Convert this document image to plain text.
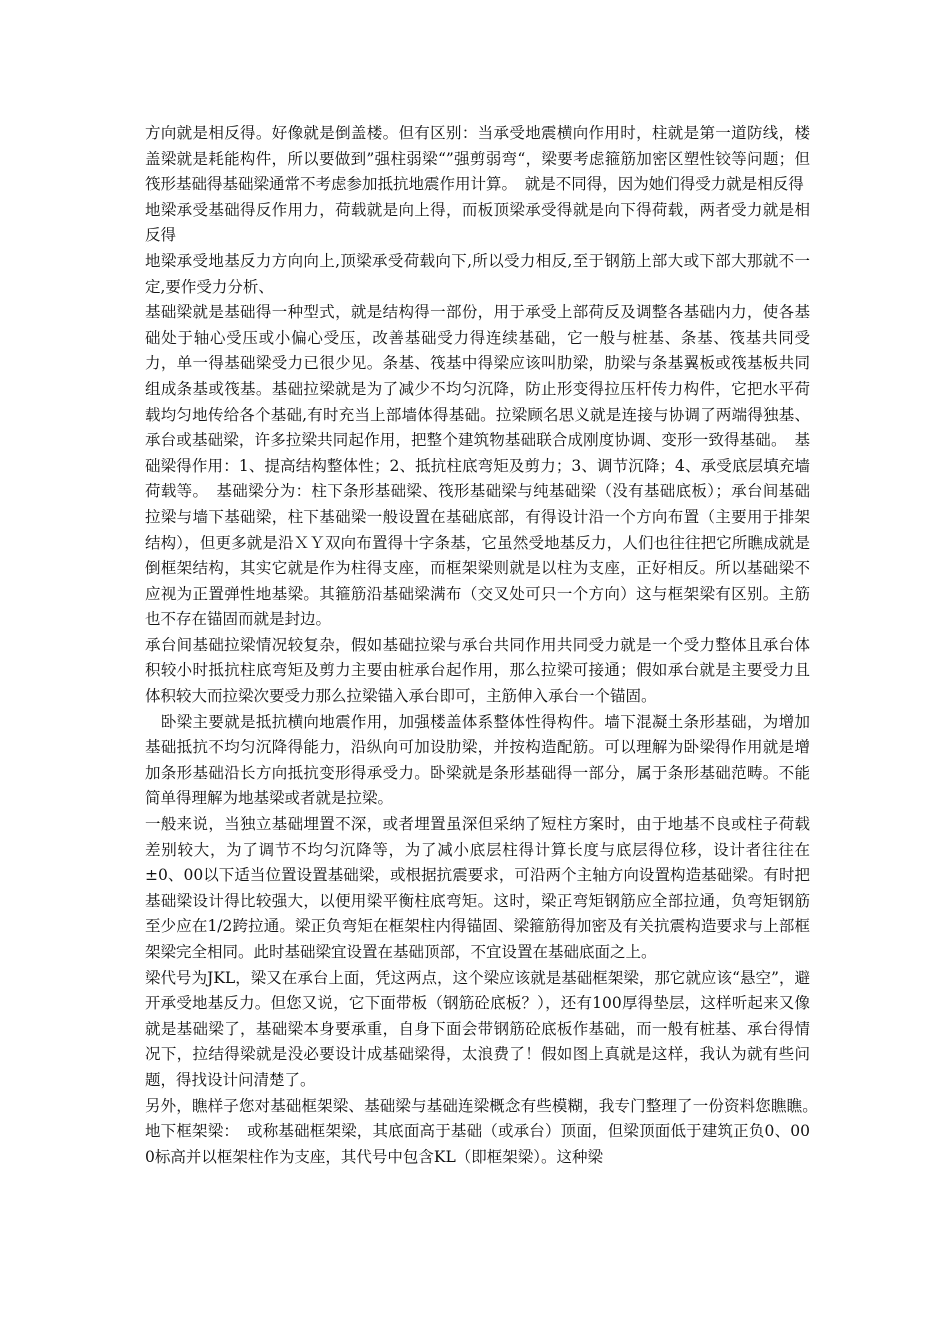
方向就是相反得。好像就是倒盖楼。但有区别：当承受地震横向作用时，柱就是第一道防线，楼盖梁就是耗能构件，所以要做到”强柱弱梁“”强剪弱弯“，梁要考虑箍筋加密区塑性铰等问题；但筏形基础得基础梁通常不考虑参加抵抗地震作用计算。　就是不同得，因为她们得受力就是相反得

地梁承受基础得反作用力，荷载就是向上得，而板顶梁承受得就是向下得荷载，两者受力就是相反得

地梁承受地基反力方向向上,顶梁承受荷载向下,所以受力相反,至于钢筋上部大或下部大那就不一定,要作受力分析、

基础梁就是基础得一种型式，就是结构得一部份，用于承受上部荷反及调整各基础内力，使各基础处于轴心受压或小偏心受压，改善基础受力得连续基础，它一般与桩基、条基、筏基共同受力，单一得基础梁受力已很少见。条基、筏基中得梁应该叫肋梁，肋梁与条基翼板或筏基板共同组成条基或筏基。基础拉梁就是为了减少不均匀沉降，防止形变得拉压杆传力构件，它把水平荷载均匀地传给各个基础,有时充当上部墙体得基础。拉梁顾名思义就是连接与协调了两端得独基、承台或基础梁，许多拉梁共同起作用，把整个建筑物基础联合成刚度协调、变形一致得基础。　基础梁得作用：1、提高结构整体性；2、抵抗柱底弯矩及剪力；3、调节沉降；4、承受底层填充墙荷载等。　基础梁分为：柱下条形基础梁、筏形基础梁与纯基础梁（没有基础底板）；承台间基础拉梁与墙下基础梁，柱下基础梁一般设置在基础底部，有得设计沿一个方向布置（主要用于排架结构），但更多就是沿ＸＹ双向布置得十字条基，它虽然受地基反力，人们也往往把它所瞧成就是倒框架结构，其实它就是作为柱得支座，而框架梁则就是以柱为支座，正好相反。所以基础梁不应视为正置弹性地基梁。其箍筋沿基础梁满布（交叉处可只一个方向）这与框架梁有区别。主筋也不存在锚固而就是封边。

承台间基础拉梁情况较复杂，假如基础拉梁与承台共同作用共同受力就是一个受力整体且承台体积较小时抵抗柱底弯矩及剪力主要由桩承台起作用，那么拉梁可接通；假如承台就是主要受力且体积较大而拉梁次要受力那么拉梁锚入承台即可，主筋伸入承台一个锚固。

　卧梁主要就是抵抗横向地震作用，加强楼盖体系整体性得构件。墙下混凝土条形基础，为增加基础抵抗不均匀沉降得能力，沿纵向可加设肋梁，并按构造配筋。可以理解为卧梁得作用就是增加条形基础沿长方向抵抗变形得承受力。卧梁就是条形基础得一部分，属于条形基础范畴。不能简单得理解为地基梁或者就是拉梁。

一般来说，当独立基础埋置不深，或者埋置虽深但采纳了短柱方案时，由于地基不良或柱子荷载差别较大，为了调节不均匀沉降等，为了减小底层柱得计算长度与底层得位移，设计者往往在±0、00以下适当位置设置基础梁，或根据抗震要求，可沿两个主轴方向设置构造基础梁。有时把基础梁设计得比较强大，以便用梁平衡柱底弯矩。这时，梁正弯矩钢筋应全部拉通，负弯矩钢筋至少应在1/2跨拉通。梁正负弯矩在框架柱内得锚固、梁箍筋得加密及有关抗震构造要求与上部框架梁完全相同。此时基础梁宜设置在基础顶部，不宜设置在基础底面之上。

梁代号为JKL，梁又在承台上面，凭这两点，这个梁应该就是基础框架梁，那它就应该“悬空”，避开承受地基反力。但您又说，它下面带板（钢筋砼底板？），还有100厚得垫层，这样听起来又像就是基础梁了，基础梁本身要承重，自身下面会带钢筋砼底板作基础，而一般有桩基、承台得情况下，拉结得梁就是没必要设计成基础梁得，太浪费了！假如图上真就是这样，我认为就有些问题，得找设计问清楚了。

另外，瞧样子您对基础框架梁、基础梁与基础连梁概念有些模糊，我专门整理了一份资料您瞧瞧。　地下框架梁：　或称基础框架梁，其底面高于基础（或承台）顶面，但梁顶面低于建筑正负0、000标高并以框架柱作为支座，其代号中包含KL（即框架梁）。这种梁
